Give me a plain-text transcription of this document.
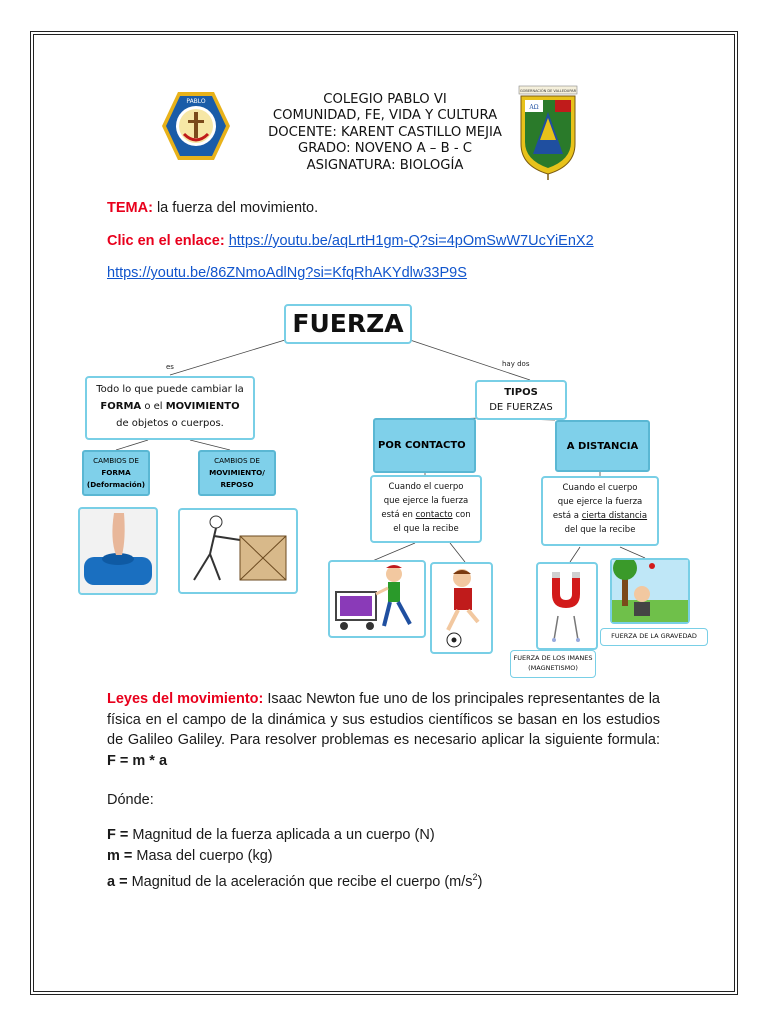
PABLO
GOBERNACIÓN DE VALLEDUPAR
AΩ
COLEGIO PABLO VI
COMUNIDAD, FE, VIDA Y CULTURA
DOCENTE: KARENT CASTILLO MEJIA
GRADO: NOVENO A – B - C
ASIGNATURA: BIOLOGÍA
TEMA: la fuerza del movimiento.
Clic en el enlace: https://youtu.be/aqLrtH1gm-Q?si=4pOmSwW7UcYiEnX2
https://youtu.be/86ZNmoAdlNg?si=KfqRhAKYdlw33P9S
FUERZA
es	hay dos
Todo lo que puede cambiar la
FORMA o el MOVIMIENTO
de objetos o cuerpos.
CAMBIOS DE
FORMA
(Deformación)
CAMBIOS DE
MOVIMIENTO/
REPOSO
TIPOS
DE FUERZAS
POR CONTACTO	A DISTANCIA
Cuando el cuerpo
que ejerce la fuerza
está en contacto con
el que la recibe
Cuando el cuerpo
que ejerce la fuerza
está a cierta distancia
del que la recibe
FUERZA DE LOS IMANES
(MAGNETISMO)
FUERZA DE LA GRAVEDAD
Leyes del movimiento: Isaac Newton fue uno de los principales representantes de la física en el campo de la dinámica y sus estudios científicos se basan en los estudios de Galileo Galiley. Para resolver problemas es necesario aplicar la siguiente formula: F = m * a
Dónde:
F = Magnitud de la fuerza aplicada a un cuerpo (N)
m = Masa del cuerpo (kg)
a = Magnitud de la aceleración que recibe el cuerpo $(m/s^2)$
